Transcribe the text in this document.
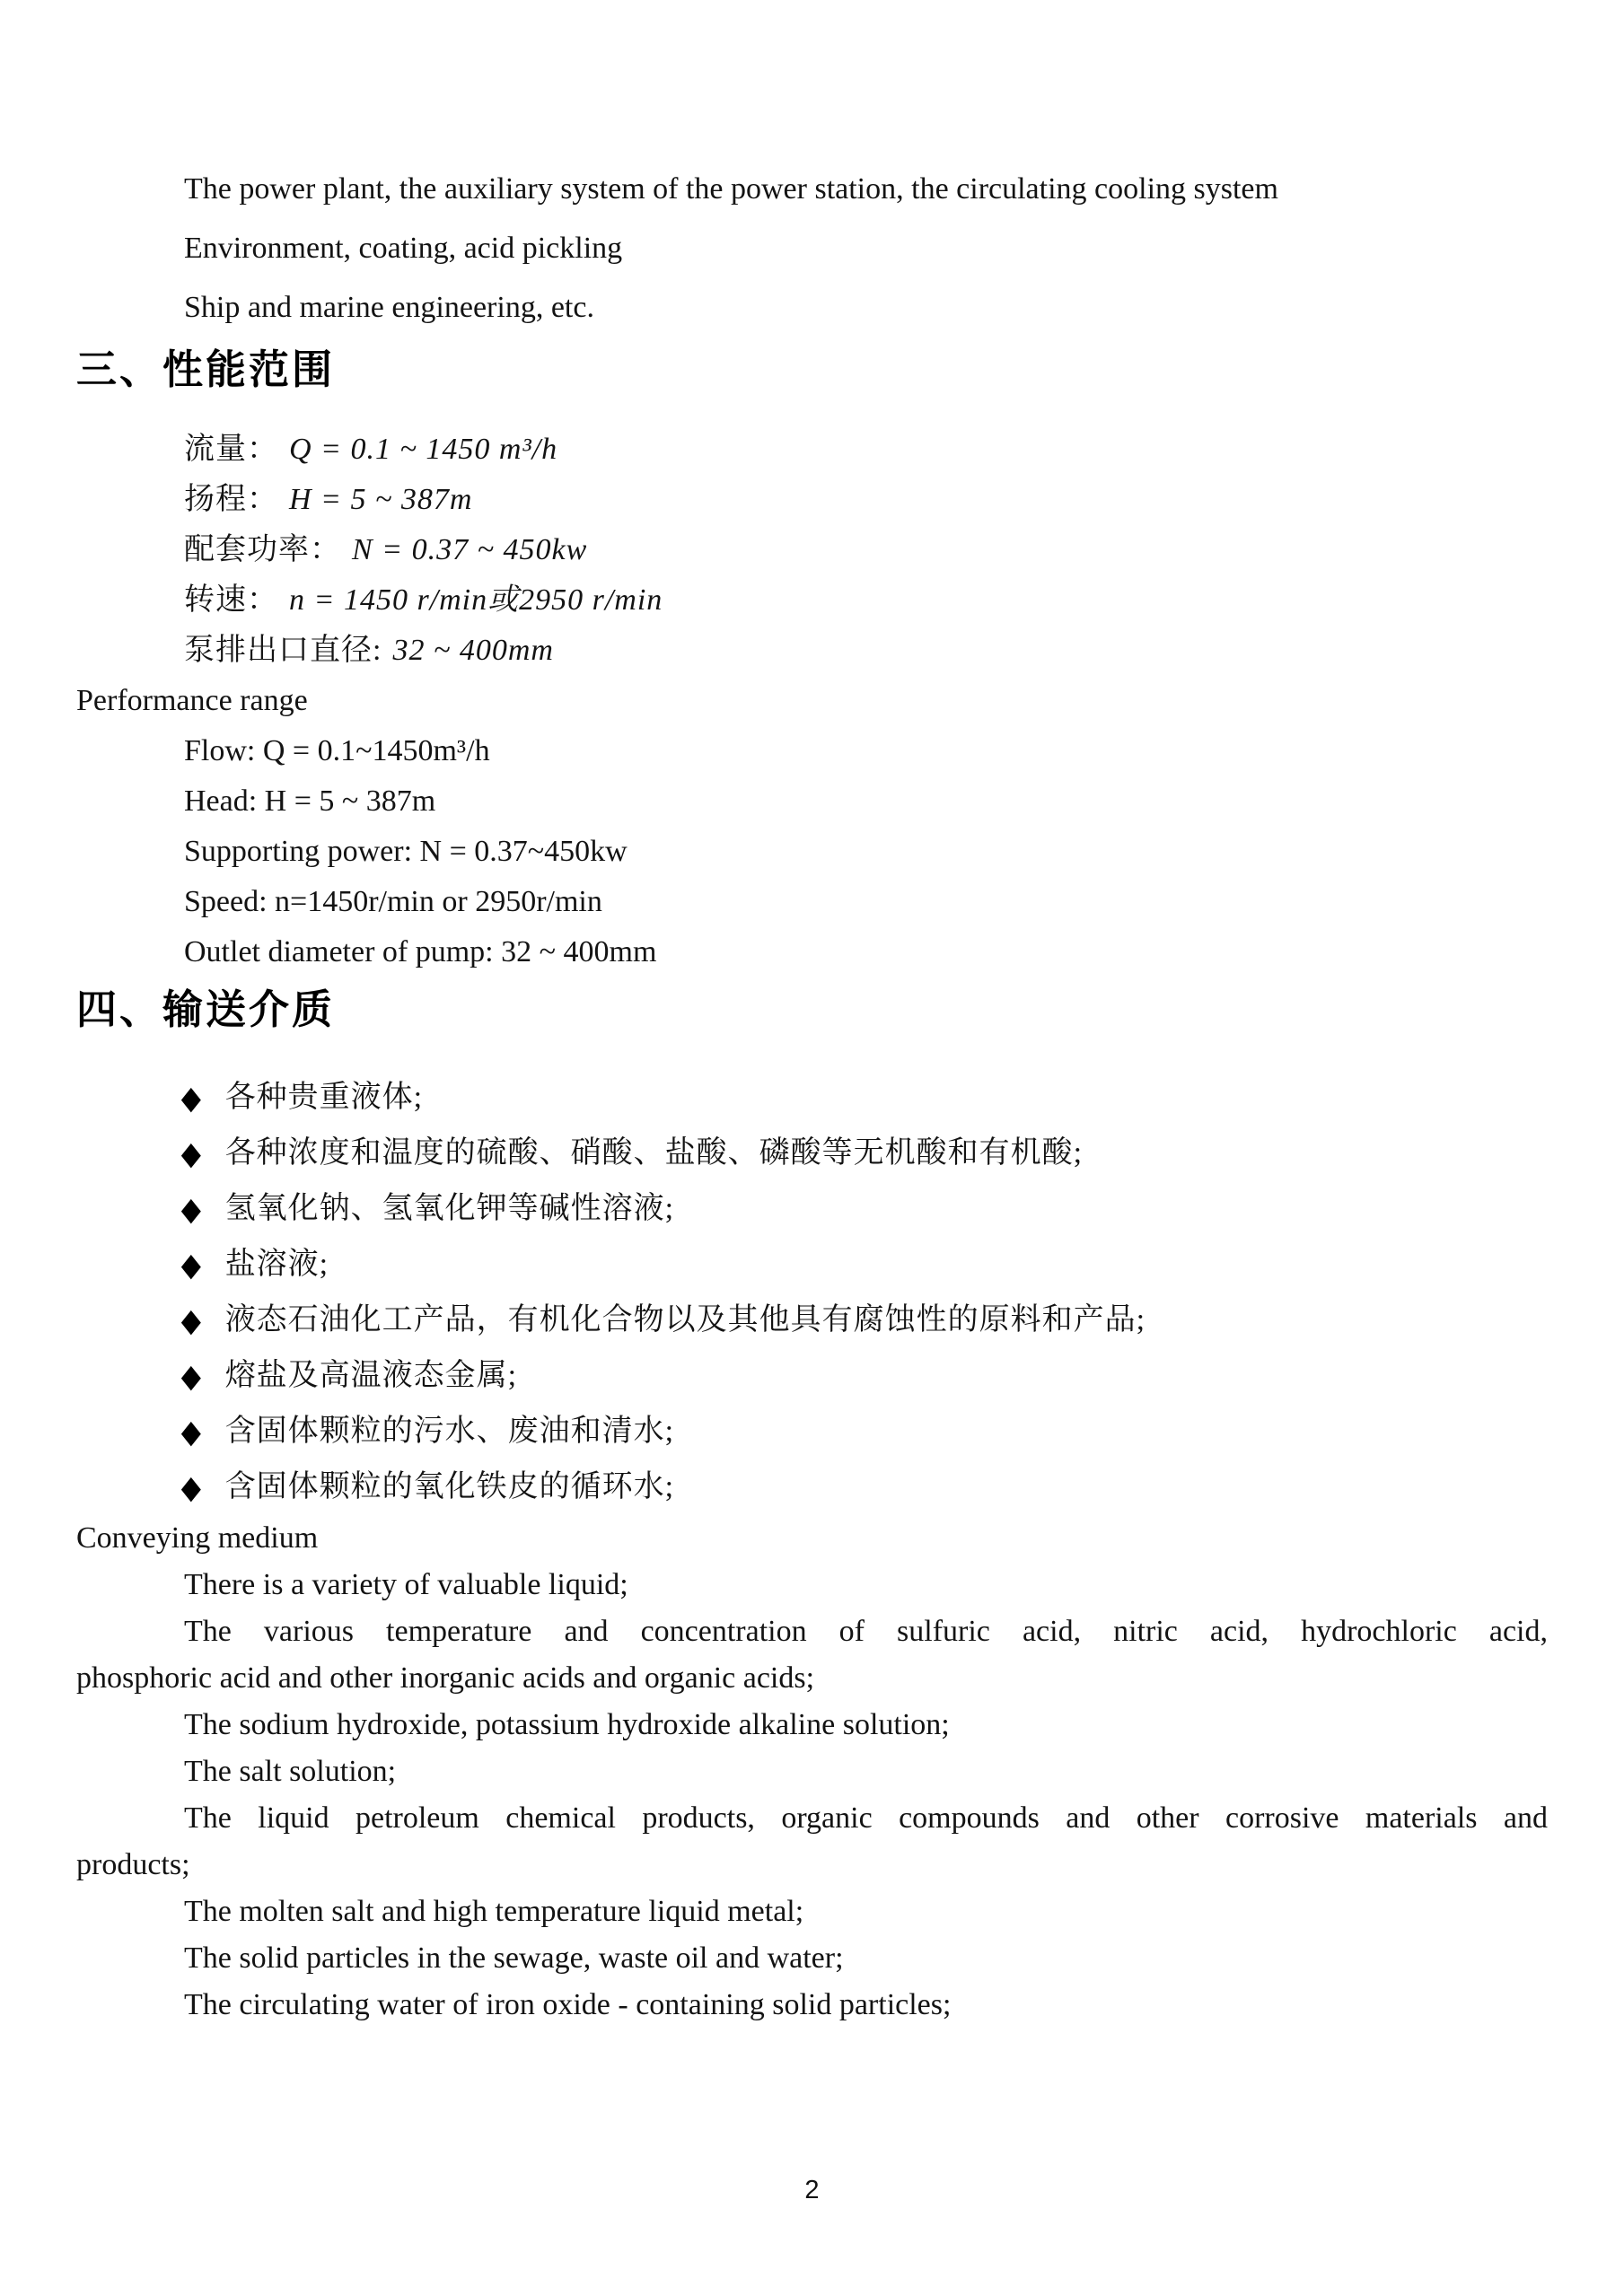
The power plant, the auxiliary system of the power station, the circulating cooling system
Environment, coating, acid pickling
Ship and marine engineering, etc.
三、性能范围
流量： Q = 0.1 ~ 1450 m³/h
扬程： H = 5 ~ 387m
配套功率： N = 0.37 ~ 450kw
转速： n = 1450 r/min或2950 r/min
泵排出口直径: 32 ~ 400mm
Performance range
Flow: Q = 0.1~1450m³/h
Head: H = 5 ~ 387m
Supporting power: N = 0.37~450kw
Speed: n=1450r/min or 2950r/min
Outlet diameter of pump: 32 ~ 400mm
四、输送介质
◆ 各种贵重液体;
◆ 各种浓度和温度的硫酸、硝酸、盐酸、磷酸等无机酸和有机酸;
◆ 氢氧化钠、氢氧化钾等碱性溶液;
◆ 盐溶液;
◆ 液态石油化工产品，有机化合物以及其他具有腐蚀性的原料和产品;
◆ 熔盐及高温液态金属;
◆ 含固体颗粒的污水、废油和清水;
◆ 含固体颗粒的氧化铁皮的循环水;
Conveying medium
There is a variety of valuable liquid;
The various temperature and concentration of sulfuric acid, nitric acid, hydrochloric acid,
phosphoric acid and other inorganic acids and organic acids;
The sodium hydroxide, potassium hydroxide alkaline solution;
The salt solution;
The liquid petroleum chemical products, organic compounds and other corrosive materials and
products;
The molten salt and high temperature liquid metal;
The solid particles in the sewage, waste oil and water;
The circulating water of iron oxide - containing solid particles;
2
